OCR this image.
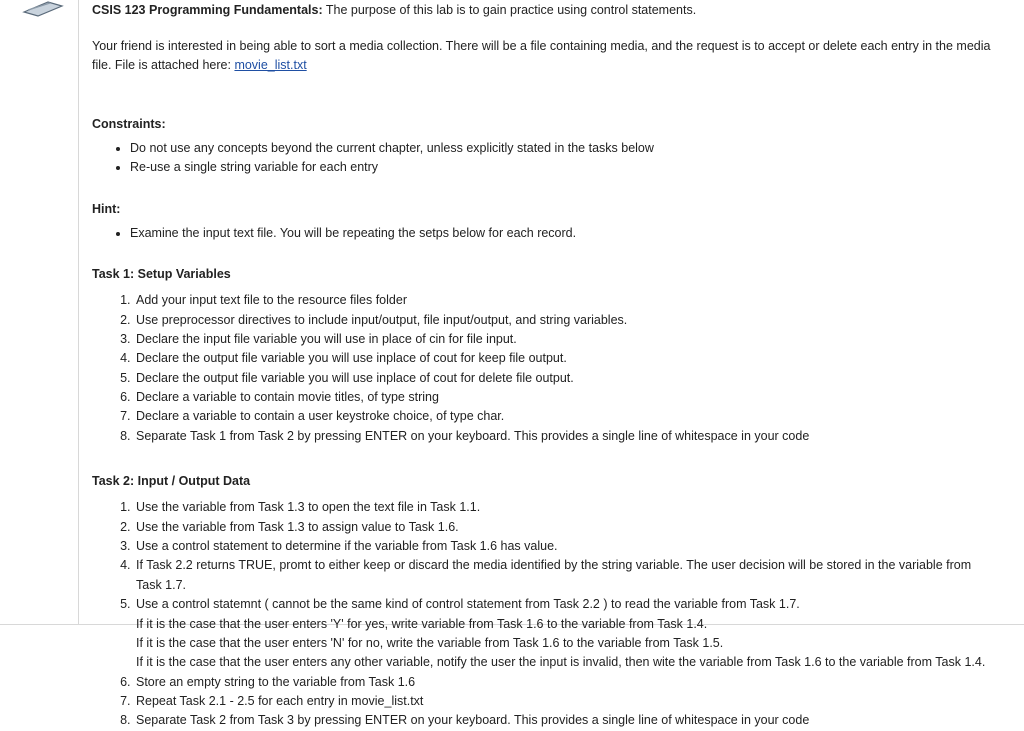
CSIS 123 Programming Fundamentals: The purpose of this lab is to gain practice using control statements.

Your friend is interested in being able to sort a media collection. There will be a file containing media, and the request is to accept or delete each entry in the media file. File is attached here: movie_list.txt

Constraints:

• Do not use any concepts beyond the current chapter, unless explicitly stated in the tasks below
• Re-use a single string variable for each entry

Hint:

• Examine the input text file. You will be repeating the setps below for each record.

Task 1: Setup Variables

1. Add your input text file to the resource files folder
2. Use preprocessor directives to include input/output, file input/output, and string variables.
3. Declare the input file variable you will use in place of cin for file input.
4. Declare the output file variable you will use inplace of cout for keep file output.
5. Declare the output file variable you will use inplace of cout for delete file output.
6. Declare a variable to contain movie titles, of type string
7. Declare a variable to contain a user keystroke choice, of type char.
8. Separate Task 1 from Task 2 by pressing ENTER on your keyboard. This provides a single line of whitespace in your code

Task 2: Input / Output Data

1. Use the variable from Task 1.3 to open the text file in Task 1.1.
2. Use the variable from Task 1.3 to assign value to Task 1.6.
3. Use a control statement to determine if the variable from Task 1.6 has value.
4. If Task 2.2 returns TRUE, promt to either keep or discard the media identified by the string variable. The user decision will be stored in the variable from Task 1.7.
5. Use a control statemnt ( cannot be the same kind of control statement from Task 2.2 ) to read the variable from Task 1.7.
If it is the case that the user enters 'Y' for yes, write variable from Task 1.6 to the variable from Task 1.4.
If it is the case that the user enters 'N' for no, write the variable from Task 1.6 to the variable from Task 1.5.
If it is the case that the user enters any other variable, notify the user the input is invalid, then wite the variable from Task 1.6 to the variable from Task 1.4.
6. Store an empty string to the variable from Task 1.6
7. Repeat Task 2.1 - 2.5 for each entry in movie_list.txt
8. Separate Task 2 from Task 3 by pressing ENTER on your keyboard. This provides a single line of whitespace in your code
